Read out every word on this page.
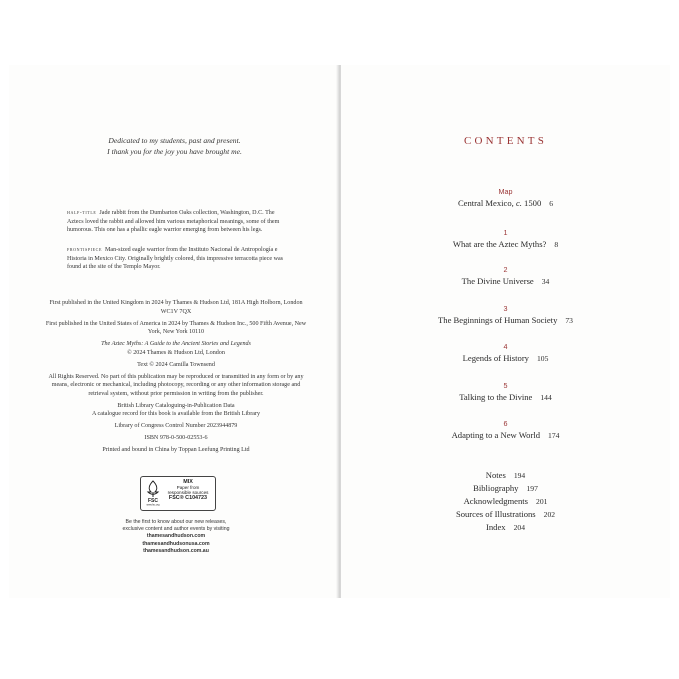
Dedicated to my students, past and present.
I thank you for the joy you have brought me.
half-title Jade rabbit from the Dumbarton Oaks collection, Washington, D.C. The Aztecs loved the rabbit and allowed him various metaphorical meanings, some of them humorous. This one has a phallic eagle warrior emerging from between his legs.
frontispiece Man-sized eagle warrior from the Instituto Nacional de Antropología e Historia in Mexico City. Originally brightly colored, this impressive terracotta piece was found at the site of the Templo Mayor.

First published in the United Kingdom in 2024 by Thames & Hudson Ltd, 181A High Holborn, London WC1V 7QX

First published in the United States of America in 2024 by Thames & Hudson Inc., 500 Fifth Avenue, New York, New York 10110

The Aztec Myths: A Guide to the Ancient Stories and Legends

© 2024 Thames & Hudson Ltd, London

Text © 2024 Camilla Townsend

All Rights Reserved. No part of this publication may be reproduced or transmitted in any form or by any means, electronic or mechanical, including photocopy, recording or any other information storage and retrieval system, without prior permission in writing from the publisher.

British Library Cataloguing-in-Publication Data

A catalogue record for this book is available from the British Library

Library of Congress Control Number 2023944879

ISBN 978-0-500-02553-6

Printed and bound in China by Toppan Leefung Printing Ltd

FSC
www.fsc.org
MIX
Paper from
responsible sources
FSC® C104723
Be the first to know about our new releases,
exclusive content and author events by visiting
thamesandhudson.com
thamesandhudsonusa.com
thamesandhudson.com.au
CONTENTS
Map
Central Mexico, c. 1500 6
1
What are the Aztec Myths? 8
2
The Divine Universe 34
3
The Beginnings of Human Society 73
4
Legends of History 105
5
Talking to the Divine 144
6
Adapting to a New World 174
Notes 194
Bibliography 197
Acknowledgments 201
Sources of Illustrations 202
Index 204
